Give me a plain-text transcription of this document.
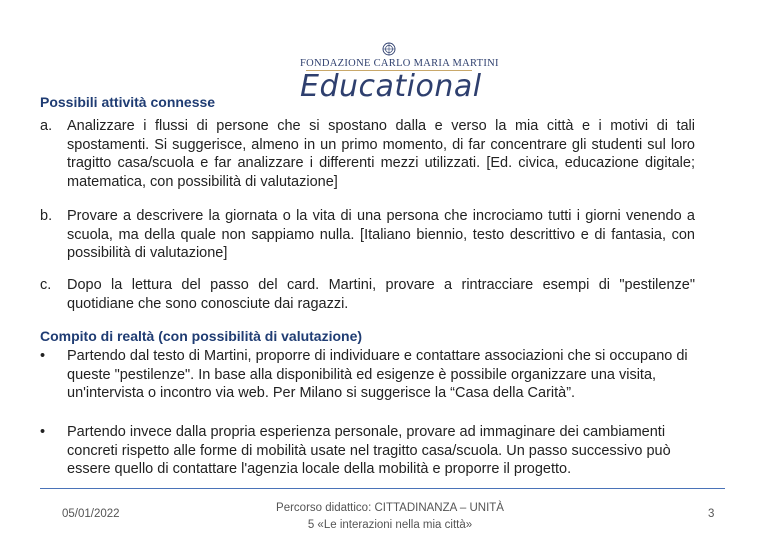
FONDAZIONE CARLO MARIA MARTINI
Educational
Possibili attività connesse
a. Analizzare i flussi di persone che si spostano dalla e verso la mia città e i motivi di tali spostamenti. Si suggerisce, almeno in un primo momento, di far concentrare gli studenti sul loro tragitto casa/scuola e far analizzare i differenti mezzi utilizzati. [Ed. civica, educazione digitale; matematica, con possibilità di valutazione]
b. Provare a descrivere la giornata o la vita di una persona che incrociamo tutti i giorni venendo a scuola, ma della quale non sappiamo nulla. [Italiano biennio, testo descrittivo e di fantasia, con possibilità di valutazione]
c. Dopo la lettura del passo del card. Martini, provare a rintracciare esempi di "pestilenze" quotidiane che sono conosciute dai ragazzi.
Compito di realtà (con possibilità di valutazione)
• Partendo dal testo di Martini, proporre di individuare e contattare associazioni che si occupano di queste "pestilenze". In base alla disponibilità ed esigenze è possibile organizzare una visita, un'intervista o incontro via web. Per Milano si suggerisce la “Casa della Carità”.
• Partendo invece dalla propria esperienza personale, provare ad immaginare dei cambiamenti concreti rispetto alle forme di mobilità usate nel tragitto casa/scuola. Un passo successivo può essere quello di contattare l'agenzia locale della mobilità e proporre il progetto.
05/01/2022	Percorso didattico: CITTADINANZA – UNITÀ
5 «Le interazioni nella mia città»
3
